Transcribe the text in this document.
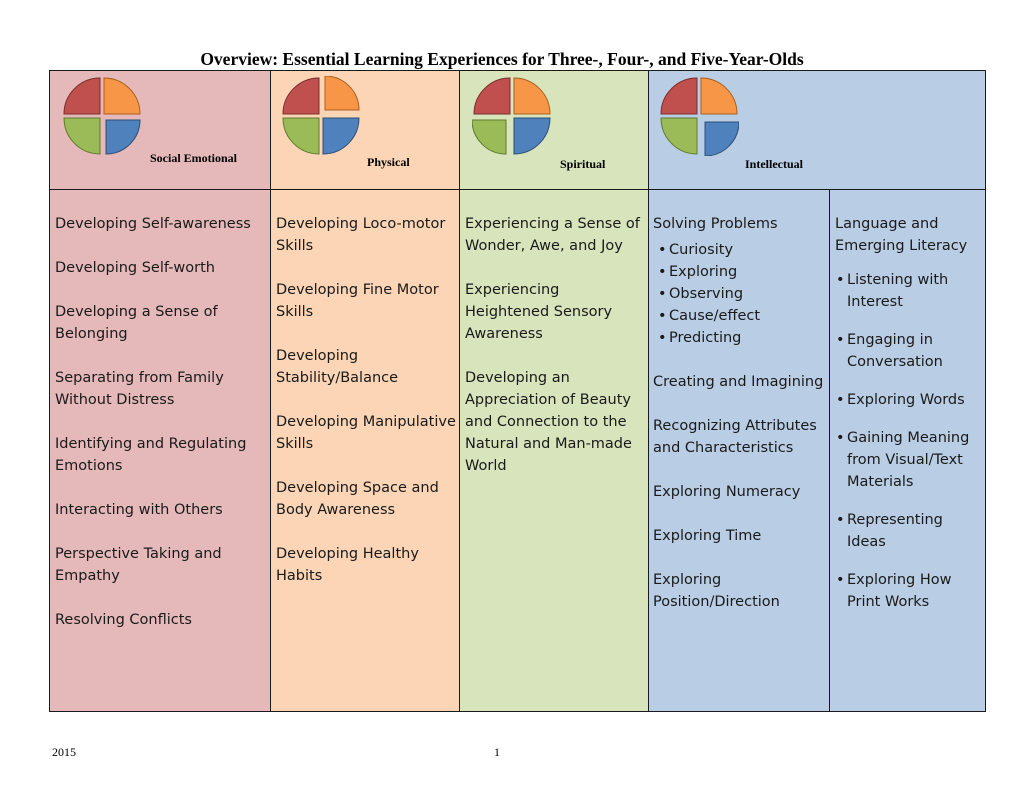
Overview: Essential Learning Experiences for Three-, Four-, and Five-Year-Olds
Social Emotional
Developing Self-awareness
Developing Self-worth
Developing a Sense of Belonging
Separating from Family Without Distress
Identifying and Regulating Emotions
Interacting with Others
Perspective Taking and Empathy
Resolving Conflicts
Physical
Developing Loco-motor Skills
Developing Fine Motor Skills
Developing Stability/Balance
Developing Manipulative Skills
Developing Space and Body Awareness
Developing Healthy Habits
Spiritual
Experiencing a Sense of Wonder, Awe, and Joy
Experiencing Heightened Sensory Awareness
Developing an Appreciation of Beauty and Connection to the Natural and Man-made World
Intellectual
Solving Problems
• Curiosity
• Exploring
• Observing
• Cause/effect
• Predicting
Creating and Imagining
Recognizing Attributes and Characteristics
Exploring Numeracy
Exploring Time
Exploring Position/Direction
Language and Emerging Literacy
• Listening with Interest
• Engaging in Conversation
• Exploring Words
• Gaining Meaning from Visual/Text Materials
• Representing Ideas
• Exploring How Print Works
2015	1
